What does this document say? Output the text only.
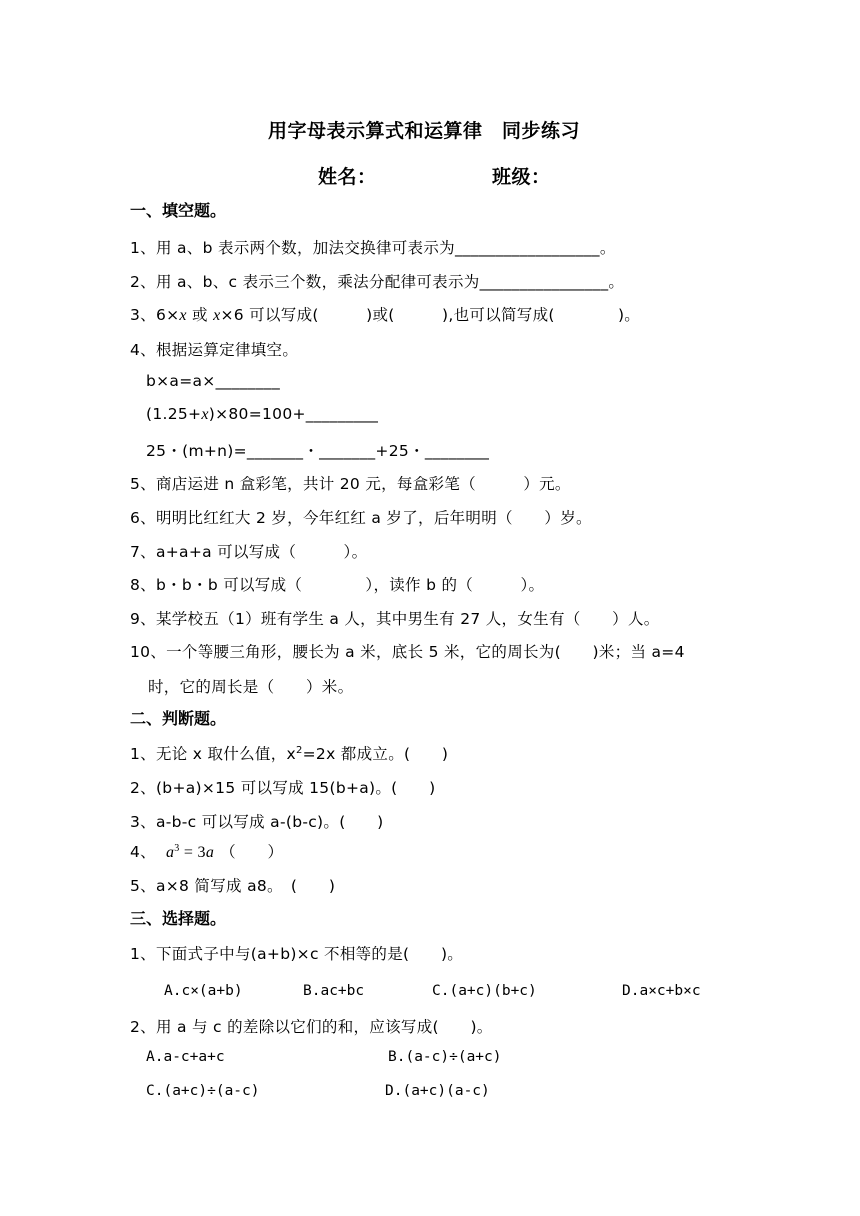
用字母表示算式和运算律　同步练习
姓名：	班级：
一、填空题。
1、用 a、b 表示两个数，加法交换律可表示为__________________。
2、用 a、b、c 表示三个数，乘法分配律可表示为________________。
3、6×x 或 x×6 可以写成(　　　)或(　　　),也可以简写成(　　　　)。
4、根据运算定律填空。
b×a=a×________
(1.25+x)×80=100+_________
25・(m+n)=_______・_______+25・________
5、商店运进 n 盒彩笔，共计 20 元，每盒彩笔（　　　）元。
6、明明比红红大 2 岁，今年红红 a 岁了，后年明明（　　）岁。
7、a+a+a 可以写成（　　　）。
8、b・b・b 可以写成（　　　　），读作 b 的（　　　）。
9、某学校五（1）班有学生 a 人，其中男生有 27 人，女生有（　　）人。
10、一个等腰三角形，腰长为 a 米，底长 5 米，它的周长为(　　)米；当 a=4
时，它的周长是（　　）米。
二、判断题。
1、无论 x 取什么值，$x^2=2x$ 都成立。(　　)
2、(b+a)×15 可以写成 15(b+a)。(　　)
3、a-b-c 可以写成 a-(b-c)。(　　)
4、 $a^3 = 3a$ （　　）
5、a×8 简写成 a8。　(　　)
三、选择题。
1、下面式子中与(a+b)×c 不相等的是(　　)。
A.c×(a+b)	B.ac+bc	C.(a+c)(b+c)	D.a×c+b×c
2、用 a 与 c 的差除以它们的和，应该写成(　　)。
A.a-c+a+c	B.(a-c)÷(a+c)
C.(a+c)÷(a-c)	D.(a+c)(a-c)
